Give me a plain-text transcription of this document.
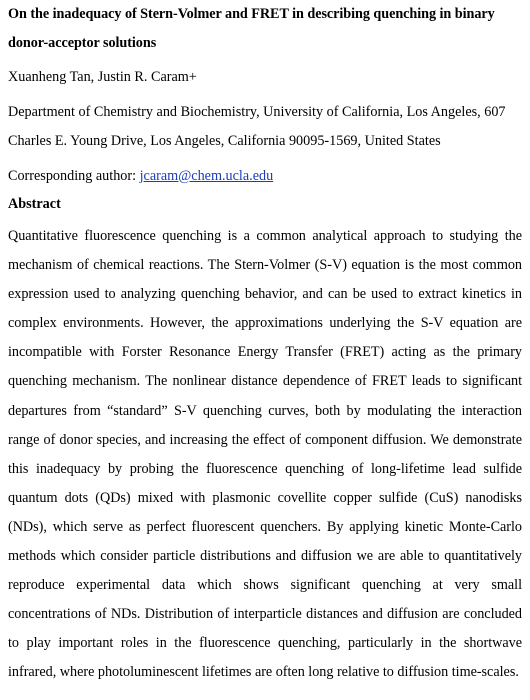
On the inadequacy of Stern-Volmer and FRET in describing quenching in binary donor-acceptor solutions

Xuanheng Tan, Justin R. Caram+

Department of Chemistry and Biochemistry, University of California, Los Angeles, 607 Charles E. Young Drive, Los Angeles, California 90095-1569, United States

Corresponding author: jcaram@chem.ucla.edu

Abstract

Quantitative fluorescence quenching is a common analytical approach to studying the mechanism of chemical reactions. The Stern-Volmer (S-V) equation is the most common expression used to analyzing quenching behavior, and can be used to extract kinetics in complex environments. However, the approximations underlying the S-V equation are incompatible with Forster Resonance Energy Transfer (FRET) acting as the primary quenching mechanism. The nonlinear distance dependence of FRET leads to significant departures from “standard” S-V quenching curves, both by modulating the interaction range of donor species, and increasing the effect of component diffusion. We demonstrate this inadequacy by probing the fluorescence quenching of long-lifetime lead sulfide quantum dots (QDs) mixed with plasmonic covellite copper sulfide (CuS) nanodisks (NDs), which serve as perfect fluorescent quenchers. By applying kinetic Monte-Carlo methods which consider particle distributions and diffusion we are able to quantitatively reproduce experimental data which shows significant quenching at very small concentrations of NDs. Distribution of interparticle distances and diffusion are concluded to play important roles in the fluorescence quenching, particularly in the shortwave infrared, where photoluminescent lifetimes are often long relative to diffusion time-scales.
